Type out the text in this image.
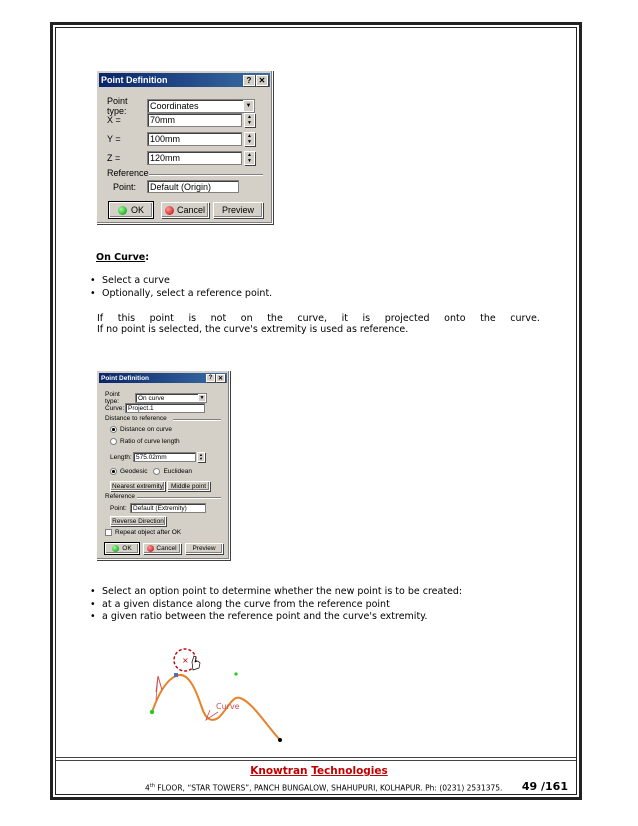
Point Definition	? ✕
Point type:	Coordinates	▼
X =	70mm	▲
▼
Y =	100mm	▲
▼
Z =	120mm	▲
▼
Reference
Point:	Default (Origin)
OK	Cancel Preview
On Curve:
• Select a curve
• Optionally, select a reference point.
If this point is not on the curve, it is projected onto the curve.
If no point is selected, the curve's extremity is used as reference.
Point Definition	? ✕
Point type:	On curve	▼
Curve: Project.1
Distance to reference
Distance on curve
Ratio of curve length
Length: 575.02mm	▲
▼
Geodesic Euclidean
Nearest extremity Middle point
Reference
Point: Default (Extremity)
Reverse Direction
Repeat object after OK
OK	Cancel Preview
• Select an option point to determine whether the new point is to be created:
• at a given distance along the curve from the reference point
• a given ratio between the reference point and the curve's extremity.
×
Curve
Knowtran Technologies
4th FLOOR, “STAR TOWERS”, PANCH BUNGALOW, SHAHUPURI, KOLHAPUR. Ph: (0231) 2531375. 49 /161
